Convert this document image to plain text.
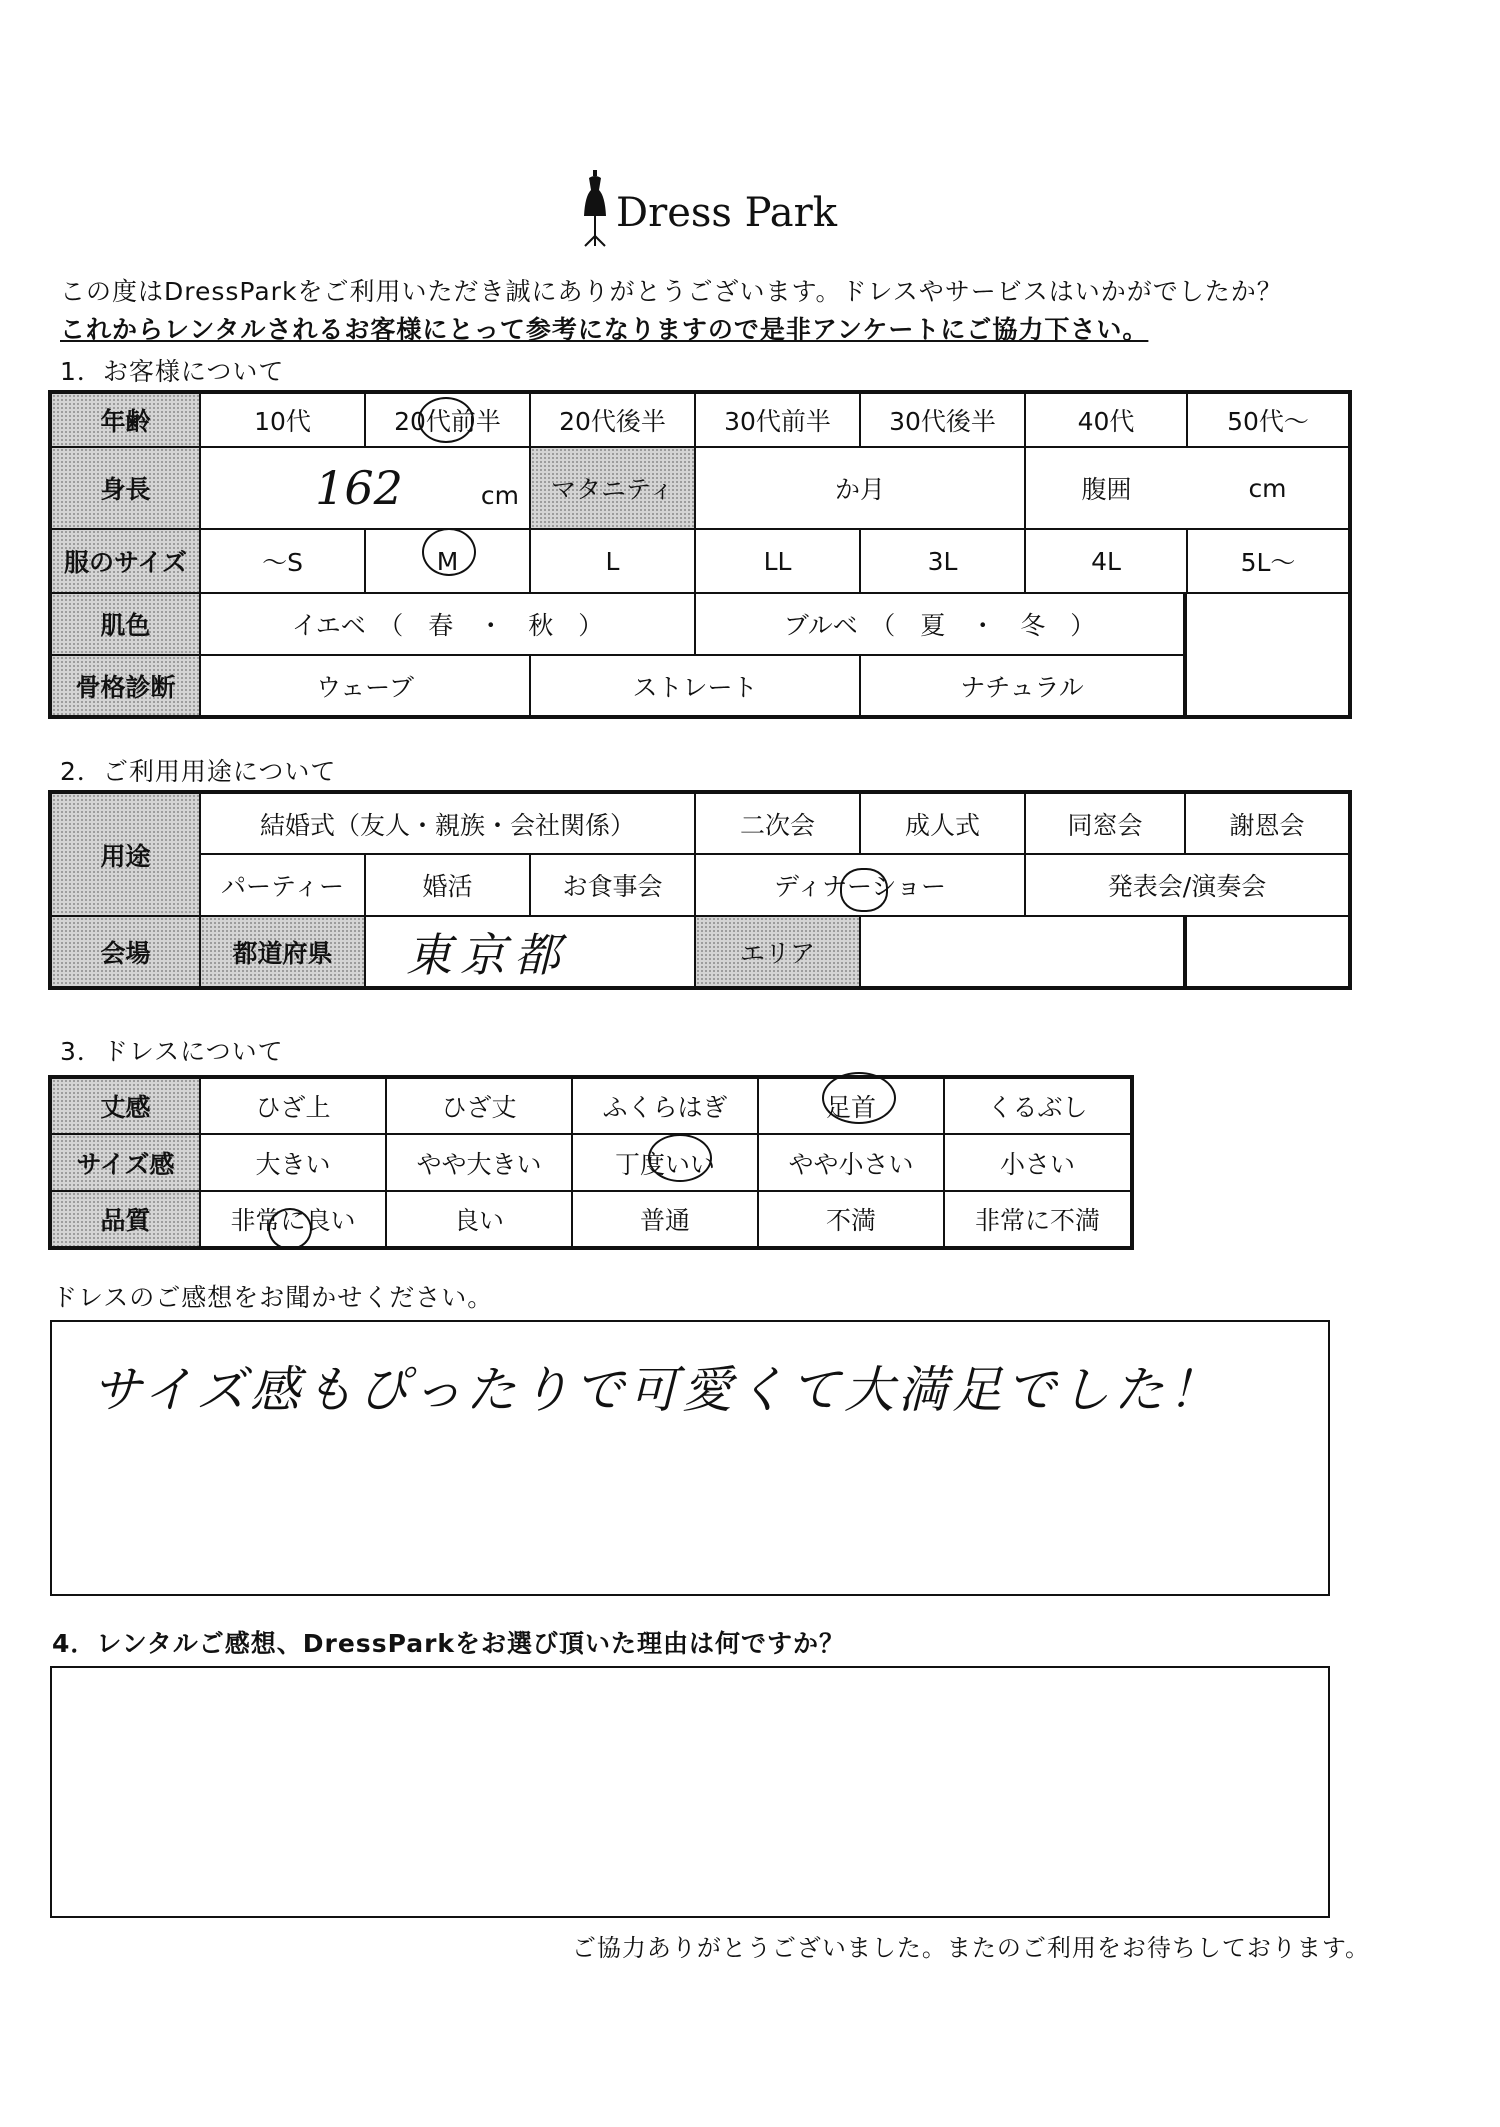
Dress Park
この度はDressParkをご利用いただき誠にありがとうございます。ドレスやサービスはいかがでしたか？
これからレンタルされるお客様にとって参考になりますので是非アンケートにご協力下さい。
1．お客様について
年齢	10代	20代前半	20代後半	30代前半	30代後半	40代 50代～	

身長	162 cm		マタニティ	か月		腹囲 cm	

服のサイズ	～S	M	L	LL	3L	4L 5L～	

肌色	イエベ　（　春　・　秋　）			ブルベ　（　夏　・　冬　）			
骨格診断	ウェーブ		ストレート		ナチュラル		
2．ご利用用途について
用途	結婚式（友人・親族・会社関係）			二次会	成人式	同窓会	謝恩会
	パーティー	婚活	お食事会	ディナーショー		発表会/演奏会	
会場	都道府県	東京都		エリア			
3．ドレスについて
丈感	ひざ上	ひざ丈	ふくらはぎ	足首	くるぶし
サイズ感	大きい	やや大きい	丁度いい	やや小さい	小さい
品質	非常に良い	良い	普通	不満	非常に不満
ドレスのご感想をお聞かせください。
サイズ感もぴったりで可愛くて大満足でした！
4．レンタルご感想、DressParkをお選び頂いた理由は何ですか？
ご協力ありがとうございました。またのご利用をお待ちしております。
